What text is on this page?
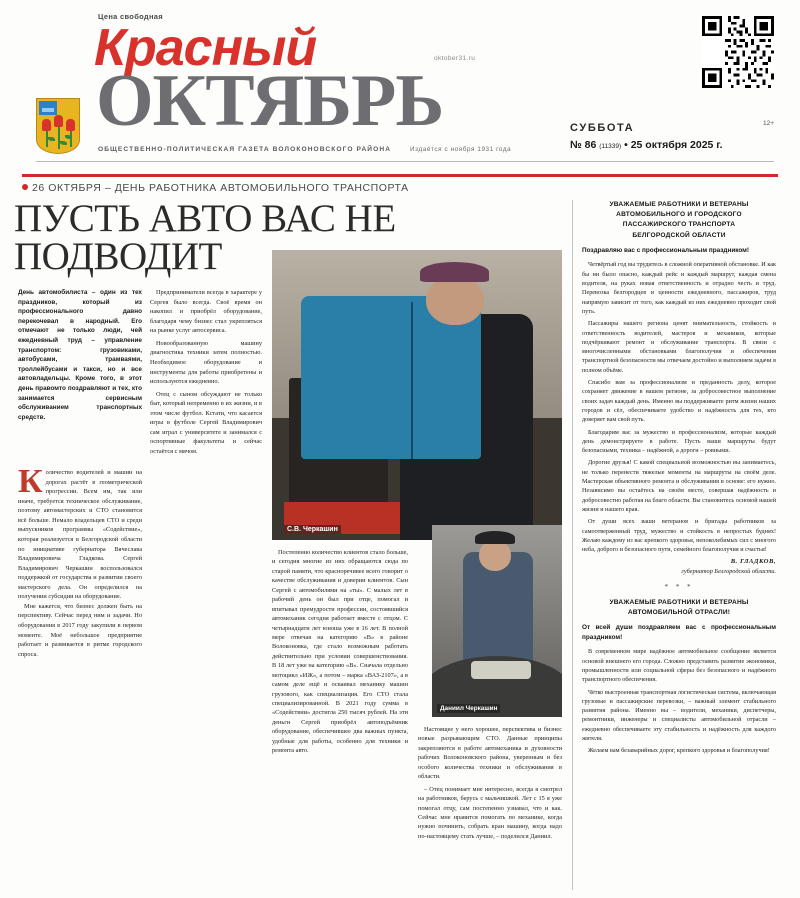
Цена свободная
oktober31.ru
Красный
ОКТЯБРЬ
ОБЩЕСТВЕННО-ПОЛИТИЧЕСКАЯ ГАЗЕТА ВОЛОКОНОВСКОГО РАЙОНА	Издаётся с ноября 1931 года
СУББОТА
№ 86 (11339) • 25 октября 2025 г.
12+
26 ОКТЯБРЯ – ДЕНЬ РАБОТНИКА АВТОМОБИЛЬНОГО ТРАНСПОРТА
ПУСТЬ АВТО ВАС НЕ ПОДВОДИТ
День автомобилиста – один из тех праздников, который из профессионального давно перекочевал в народный. Его отмечают не только люди, чей ежедневный труд – управление транспортом: грузовиками, автобусами, трамваями, троллейбусами и такси, но и все автовладельцы. Кроме того, в этот день правомто поздравляют и тех, кто занимается сервисным обслуживанием транспортных средств.
К оличество водителей и машин на дорогах растёт в геометрической прогрессии. Всем им, так или иначе, требуется техническое обслуживание, поэтому автомастерских и СТО становится всё больше. Немало владельцев СТО и среди выпускников программы «Содействие», которая реализуется в Белгородской области по инициативе губернатора Вячеслава Владимировича Гладкова. Сергей Владимирович Черкашин воспользовался поддержкой от государства и развитии своего мастерского дела. Он определился на получении субсидии на оборудование.

Мне кажется, что бизнес должен быть на перспективу. Сейчас перед ним и задачи. Но оборудования в 2017 году закупили в первом моменте. Моё небольшое предприятие работает и развивается в ритме городского спроса.

Предприниматели всегда в характере у Сергея было всегда. Своё время он накопил и приобрёл оборудование, благодаря чему бизнес стал укрепляться на рынке услуг автосервиса.

Новообразованную машину диагностика техники затем полностью. Необходимое оборудование и инструменты для работы приобретены и используются ежедневно.

Отец с сыном обсуждают не только быт, который непременно в их жизни, и в этом числе футбол. Кстати, что касается игры в футболе Сергей Владимирович сам играл с университете и занимался с оспортивные факультеты и сейчас остаётся с мячом.

С.В. Черкашин

Постепенно количество клиентов стало больше, и сегодня многие из них обращаются сюда по старой памяти, что красноречивее всего говорит о качестве обслуживания и доверии клиентов. Сын Сергей с автомобилями на «ты». С малых лет в рабочий день он был при отце, помогал и впитывал премудрости профессии, состоявшийся автомеханик сегодня работает вместе с отцом. С четырнадцати лет юноша уже в 16 лет. В полной мере отвечая на категорию «В» в районе Волоконовка, где стало возможным работать действительно при условии совершенствования. В 18 лет уже на категорию «В». Сначала отдельно мотоцикл «ИЖ», а потом – марка «ВАЗ-2107», а в самом деле ещё и осваивал механику машин грузового, как специализация. Его СТО стала специализированной. В 2021 году сумма в «Содействии» достигла 250 тысяч рублей. На эти деньги Сергей приобрёл автоподъёмник оборудование, обеспечившее два важных пункта, удобные для работы, особенно для техники и ремонта авто.

Даниил Черкашин

Настоящее у него хорошее, перспектива и бизнес новые разрывающим СТО. Данные принципы закрепляются в работе автомеханика и духовности рабочих Волоконовского района, уверенным и без особого количества техники и обслуживания в области.

– Отец понимает мне интересно, всегда я смотрел на работников, берусь с мальчишкой. Лет с 15 я уже помогал отцу, сам постепенно узнавал, что и как. Сейчас мне нравится помогать по механике, когда нужно починить, собрать кран машину, когда надо по-настоящему стать лучше, – поделился Даниил.

УВАЖАЕМЫЕ РАБОТНИКИ И ВЕТЕРАНЫ
АВТОМОБИЛЬНОГО И ГОРОДСКОГО
ПАССАЖИРСКОГО ТРАНСПОРТА
БЕЛГОРОДСКОЙ ОБЛАСТИ
Поздравляю вас с профессиональным праздником!

Четвёртый год вы трудитесь в сложной оперативной обстановке. И как бы ни было опасно, каждый рейс и каждый маршрут, каждая смена водителя, на руках новая ответственность и отрадно честь и труд. Перевозка белгородцев и ценности ежедневного, пассажиров, труд напрямую зависит от того, как каждый из них ежедневно проходит свой путь.

Пассажиры нашего региона ценят внимательность, стойкость и ответственность водителей, мастеров и механиков, которые подчёркивают ремонт и обслуживание транспорта. В связи с многочисленными обстановками благополучия и обеспечения транспортной безопасности мы отвечаем достойно и выполняем задачи в полном объёме.

Спасибо вам за профессионализм и преданность делу, которое сохраняет движение в нашем регионе, за добросовестное выполнение своих задач каждый день. Именно вы поддерживаете ритм жизни наших городов и сёл, обеспечиваете удобство и надёжность для тех, кто доверяет вам свой путь.

Благодарим вас за мужество и профессионализм, которые каждый день демонстрируете в работе. Пусть ваши маршруты будут безопасными, техника – надёжной, а дороги – ровными.

Дорогие друзья! С какой специальной возможностью вы занимаетесь, не только перенести тяжелые моменты на маршруты на своём деле. Мастерская объективного ремонта и обслуживания в основе: его нужно. Независимо вы остаётесь на своём месте, совершая надёжность и добросовестно работая на благо области. Вы становитесь основой нашей жизни и нашего края.

От души всех ваши ветеранов и бригады работников за самоотверженный труд, мужество и стойкость в непростых буднях! Желаю каждому из вас крепкого здоровья, непоколебимых сил с многого неба, доброго и безопасного пути, семейного благополучия и счастья!

В. ГЛАДКОВ,
губернатор Белгородской области.
* * *
УВАЖАЕМЫЕ РАБОТНИКИ И ВЕТЕРАНЫ
АВТОМОБИЛЬНОЙ ОТРАСЛИ!
От всей души поздравляем вас с профессиональным праздником!

В современном мире надёжное автомобильное сообщение является основой внешнего его города. Сложно представить развитие экономики, промышленности или социальной сферы без безопасного и надёжного транспортного обеспечения.

Чётко выстроенная транспортная логистическая система, включающая грузовые и пассажирские перевозки, – важный элемент стабильного развития района. Именно вы – водители, механики, диспетчеры, ремонтники, инженеры и специалисты автомобильной отрасли – ежедневно обеспечиваете эту стабильность и надёжность для каждого жителя.

Желаем вам безаварийных дорог, крепкого здоровья и благополучия!
